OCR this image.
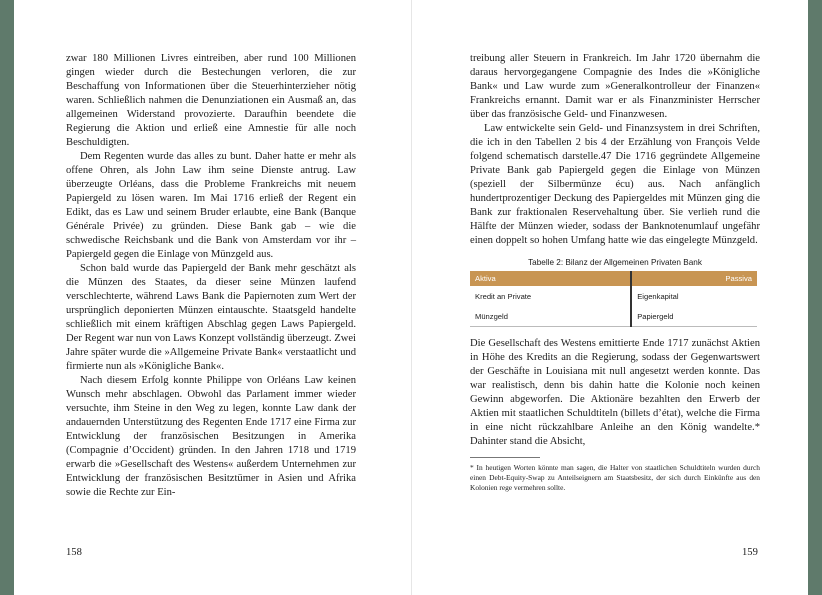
zwar 180 Millionen Livres eintreiben, aber rund 100 Millionen gingen wieder durch die Bestechungen verloren, die zur Beschaffung von Informationen über die Steuerhinterzieher nötig waren. Schließlich nahmen die Denunziationen ein Ausmaß an, das allgemeinen Widerstand provozierte. Daraufhin beendete die Regierung die Aktion und erließ eine Amnestie für alle noch Beschuldigten.

Dem Regenten wurde das alles zu bunt. Daher hatte er mehr als offene Ohren, als John Law ihm seine Dienste antrug. Law überzeugte Orléans, dass die Probleme Frankreichs mit neuem Papiergeld zu lösen waren. Im Mai 1716 erließ der Regent ein Edikt, das es Law und seinem Bruder erlaubte, eine Bank (Banque Générale Privée) zu gründen. Diese Bank gab – wie die schwedische Reichsbank und die Bank von Amsterdam vor ihr – Papiergeld gegen die Einlage von Münzgeld aus.

Schon bald wurde das Papiergeld der Bank mehr geschätzt als die Münzen des Staates, da dieser seine Münzen laufend verschlechterte, während Laws Bank die Papiernoten zum Wert der ursprünglich deponierten Münzen eintauschte. Staatsgeld handelte schließlich mit einem kräftigen Abschlag gegen Laws Papiergeld. Der Regent war nun von Laws Konzept vollständig überzeugt. Zwei Jahre später wurde die »Allgemeine Private Bank« verstaatlicht und firmierte nun als »Königliche Bank«.

Nach diesem Erfolg konnte Philippe von Orléans Law keinen Wunsch mehr abschlagen. Obwohl das Parlament immer wieder versuchte, ihm Steine in den Weg zu legen, konnte Law dank der andauernden Unterstützung des Regenten Ende 1717 eine Firma zur Entwicklung der französischen Besitzungen in Amerika (Compagnie d’Occident) gründen. In den Jahren 1718 und 1719 erwarb die »Gesellschaft des Westens« außerdem Unternehmen zur Entwicklung der französischen Besitztümer in Asien und Afrika sowie die Rechte zur Ein-

158

treibung aller Steuern in Frankreich. Im Jahr 1720 übernahm die daraus hervorgegangene Compagnie des Indes die »Königliche Bank« und Law wurde zum »Generalkontrolleur der Finanzen« Frankreichs ernannt. Damit war er als Finanzminister Herrscher über das französische Geld- und Finanzwesen.

Law entwickelte sein Geld- und Finanzsystem in drei Schriften, die ich in den Tabellen 2 bis 4 der Erzählung von François Velde folgend schematisch darstelle.47 Die 1716 gegründete Allgemeine Private Bank gab Papiergeld gegen die Einlage von Münzen (speziell der Silbermünze écu) aus. Nach anfänglich hundertprozentiger Deckung des Papiergeldes mit Münzen ging die Bank zur fraktionalen Reservehaltung über. Sie verlieh rund die Hälfte der Münzen wieder, sodass der Banknotenumlauf ungefähr einen doppelt so hohen Umfang hatte wie das eingelegte Münzgeld.

Tabelle 2: Bilanz der Allgemeinen Privaten Bank
Aktiva	Passiva
Kredit an Private	Eigenkapital
Münzgeld	Papiergeld

Die Gesellschaft des Westens emittierte Ende 1717 zunächst Aktien in Höhe des Kredits an die Regierung, sodass der Gegenwartswert der Geschäfte in Louisiana mit null angesetzt werden konnte. Das war realistisch, denn bis dahin hatte die Kolonie noch keinen Gewinn abgeworfen. Die Aktionäre bezahlten den Erwerb der Aktien mit staatlichen Schuldtiteln (billets d’état), welche die Firma in eine nicht rückzahlbare Anleihe an den König wandelte.* Dahinter stand die Absicht,

* In heutigen Worten könnte man sagen, die Halter von staatlichen Schuldtiteln wurden durch einen Debt-Equity-Swap zu Anteilseignern am Staatsbesitz, der sich durch Einkünfte aus den Kolonien rege vermehren sollte.
159
